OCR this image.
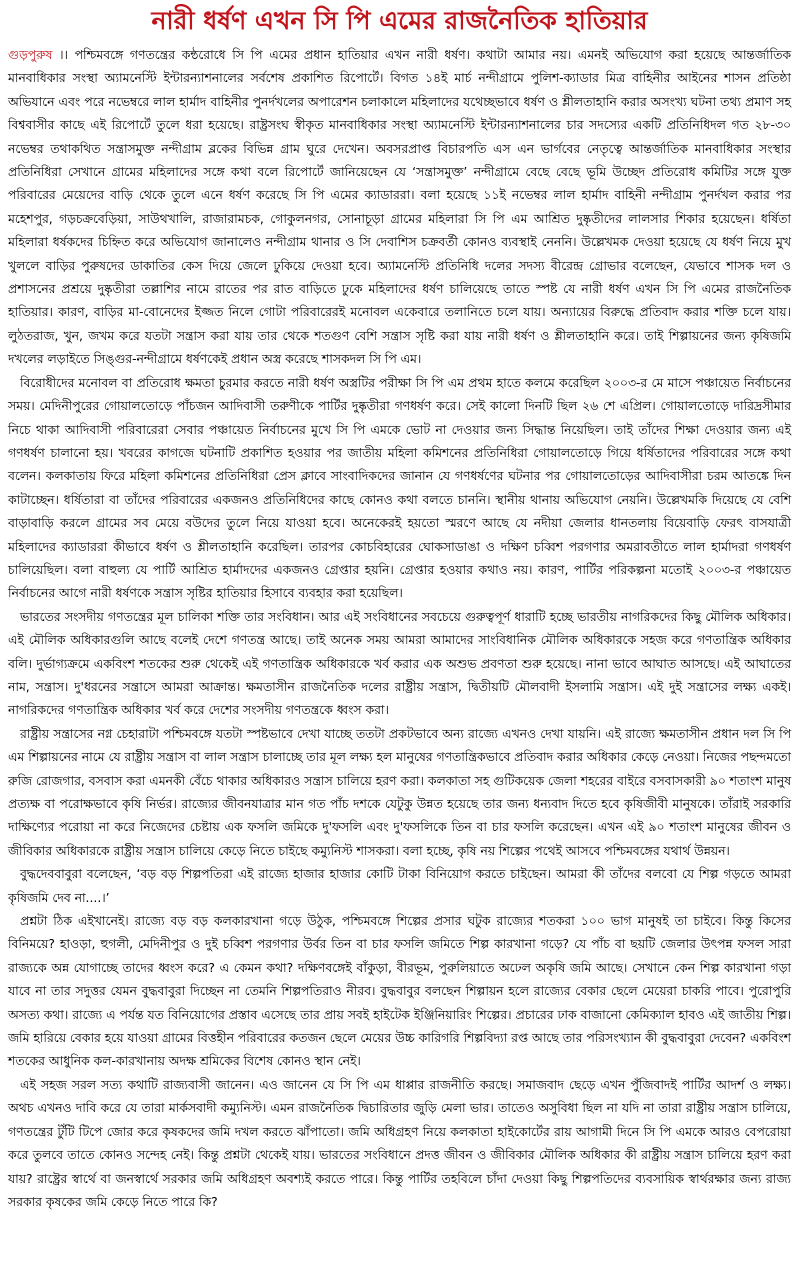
নারী ধর্ষণ এখন সি পি এমের রাজনৈতিক হাতিয়ার

গুড়পুরুষ ।। পশ্চিমবঙ্গে গণতন্ত্রের কন্ঠরোধে সি পি এমের প্রধান হাতিয়ার এখন নারী ধর্ষণ। কথাটা আমার নয়। এমনই অভিযোগ করা হয়েছে আন্তর্জাতিক মানবাধিকার সংস্থা অ্যামনেস্টি ইন্টারন্যাশনালের সর্বশেষ প্রকাশিত রিপোর্টে। বিগত ১৪ই মার্চ নন্দীগ্রামে পুলিশ-ক্যাডার মিত্র বাহিনীর আইনের শাসন প্রতিষ্ঠা অভিযানে এবং পরে নভেম্বরে লাল হার্মাদ বাহিনীর পুনর্দখলের অপারেশন চলাকালে মহিলাদের যথেচ্ছভাবে ধর্ষণ ও শ্লীলতাহানি করার অসংখ্য ঘটনা তথ্য প্রমাণ সহ বিশ্ববাসীর কাছে এই রিপোর্টে তুলে ধরা হয়েছে। রাষ্ট্রসংঘ স্বীকৃত মানবাধিকার সংস্থা অ্যামনেস্টি ইন্টারন্যাশনালের চার সদস্যের একটি প্রতিনিধিদল গত ২৮-৩০ নভেম্বর তথাকথিত সন্ত্রাসমুক্ত নন্দীগ্রাম ব্লকের বিভিন্ন গ্রাম ঘুরে দেখেন। অবসরপ্রাপ্ত বিচারপতি এস এন ভার্গবের নেতৃত্বে আন্তর্জাতিক মানবাধিকার সংস্থার প্রতিনিধিরা সেখানে গ্রামের মহিলাদের সঙ্গে কথা বলে রিপোর্টে জানিয়েছেন যে ‘সন্ত্রাসমুক্ত’ নন্দীগ্রামে বেছে বেছে ভূমি উচ্ছেদ প্রতিরোধ কমিটির সঙ্গে যুক্ত পরিবারের মেয়েদের বাড়ি থেকে তুলে এনে ধর্ষণ করেছে সি পি এমের ক্যাডাররা। বলা হয়েছে ১১ই নভেম্বর লাল হার্মাদ বাহিনী নন্দীগ্রাম পুনর্দখল করার পর মহেশপুর, গড়চক্রবেড়িয়া, সাউথখালি, রাজারামচক, গোকুলনগর, সোনাচূড়া গ্রামের মহিলারা সি পি এম আশ্রিত দুষ্কৃতীদের লালসার শিকার হয়েছেন। ধর্ষিতা মহিলারা ধর্ষকদের চিহ্নিত করে অভিযোগ জানালেও নন্দীগ্রাম থানার ও সি দেবাশিস চক্রবর্তী কোনও ব্যবস্থাই নেননি। উল্লেখমক দেওয়া হয়েছে যে ধর্ষণ নিয়ে মুখ খুললে বাড়ির পুরুষদের ডাকাতির কেস দিয়ে জেলে ঢুকিয়ে দেওয়া হবে। অ্যামনেস্টি প্রতিনিধি দলের সদস্য বীরেন্দ্র গ্রোভার বলেছেন, যেভাবে শাসক দল ও প্রশাসনের প্রশ্রয়ে দুষ্কৃতীরা তল্লাশির নামে রাতের পর রাত বাড়িতে ঢুকে মহিলাদের ধর্ষণ চালিয়েছে তাতে স্পষ্ট যে নারী ধর্ষণ এখন সি পি এমের রাজনৈতিক হাতিয়ার। কারণ, বাড়ির মা-বোনেদের ইজ্জত নিলে গোটা পরিবারেরই মনোবল একেবারে তলানিতে চলে যায়। অন্যায়ের বিরুদ্ধে প্রতিবাদ করার শক্তি চলে যায়। লুঠতরাজ, খুন, জখম করে যতটা সন্ত্রাস করা যায় তার থেকে শতগুণ বেশি সন্ত্রাস সৃষ্টি করা যায় নারী ধর্ষণ ও শ্লীলতাহানি করে। তাই শিল্পায়নের জন্য কৃষিজমি দখলের লড়াইতে সিঙ্গুর-নন্দীগ্রামে ধর্ষণকেই প্রধান অস্ত্র করেছে শাসকদল সি পি এম।

বিরোধীদের মনোবল বা প্রতিরোধ ক্ষমতা চুরমার করতে নারী ধর্ষণ অস্ত্রটির পরীক্ষা সি পি এম প্রথম হাতে কলমে করেছিল ২০০৩-র মে মাসে পঞ্চায়েত নির্বাচনের সময়। মেদিনীপুরের গোয়ালতোড়ে পাঁচজন আদিবাসী তরুণীকে পার্টির দুষ্কৃতীরা গণধর্ষণ করে। সেই কালো দিনটি ছিল ২৬ শে এপ্রিল। গোয়ালতোড়ে দারিদ্রসীমার নিচে থাকা আদিবাসী পরিবারেরা সেবার পঞ্চায়েত নির্বাচনের মুখে সি পি এমকে ভোট না দেওয়ার জন্য সিদ্ধান্ত নিয়েছিল। তাই তাঁদের শিক্ষা দেওয়ার জন্য এই গণধর্ষণ চালানো হয়। খবরের কাগজে ঘটনাটি প্রকাশিত হওয়ার পর জাতীয় মহিলা কমিশনের প্রতিনিধিরা গোয়ালতোড়ে গিয়ে ধর্ষিতাদের পরিবারের সঙ্গে কথা বলেন। কলকাতায় ফিরে মহিলা কমিশনের প্রতিনিধিরা প্রেস ক্লাবে সাংবাদিকদের জানান যে গণধর্ষণের ঘটনার পর গোয়ালতোড়ের আদিবাসীরা চরম আতঙ্কে দিন কাটাচ্ছেন। ধর্ষিতারা বা তাঁদের পরিবারের একজনও প্রতিনিধিদের কাছে কোনও কথা বলতে চাননি। স্থানীয় থানায় অভিযোগ নেয়নি। উল্লেখমকি দিয়েছে যে বেশি বাড়াবাড়ি করলে গ্রামের সব মেয়ে বউদের তুলে নিয়ে যাওয়া হবে। অনেকেরই হয়তো স্মরণে আছে যে নদীয়া জেলার ধানতলায় বিয়েবাড়ি ফেরৎ বাসযাত্রী মহিলাদের ক্যাডাররা কীভাবে ধর্ষণ ও শ্লীলতাহানি করেছিল। তারপর কোচবিহারের ঘোকসাডাঙা ও দক্ষিণ চব্বিশ পরগণার অমরাবতীতে লাল হার্মাদরা গণধর্ষণ চালিয়েছিল। বলা বাহুল্য যে পার্টি আশ্রিত হার্মাদদের একজনও গ্রেপ্তার হয়নি। গ্রেপ্তার হওয়ার কথাও নয়। কারণ, পার্টির পরিকল্পনা মতোই ২০০৩-র পঞ্চায়েত নির্বাচনের আগে নারী ধর্ষণকে সন্ত্রাস সৃষ্টির হাতিয়ার হিসাবে ব্যবহার করা হয়েছিল।

ভারতের সংসদীয় গণতন্ত্রের মূল চালিকা শক্তি তার সংবিধান। আর এই সংবিধানের সবচেয়ে গুরুত্বপূর্ণ ধারাটি হচ্ছে ভারতীয় নাগরিকদের কিছু মৌলিক অধিকার। এই মৌলিক অধিকারগুলি আছে বলেই দেশে গণতন্ত্র আছে। তাই অনেক সময় আমরা আমাদের সাংবিধানিক মৌলিক অধিকারকে সহজ করে গণতান্ত্রিক অধিকার বলি। দুর্ভাগ্যক্রমে একবিংশ শতকের শুরু থেকেই এই গণতান্ত্রিক অধিকারকে খর্ব করার এক অশুভ প্রবণতা শুরু হয়েছে। নানা ভাবে আঘাত আসছে। এই আঘাতের নাম, সন্ত্রাস। দু'ধরনের সন্ত্রাসে আমরা আক্রান্ত। ক্ষমতাসীন রাজনৈতিক দলের রাষ্ট্রীয় সন্ত্রাস, দ্বিতীয়টি মৌলবাদী ইসলামি সন্ত্রাস। এই দুই সন্ত্রাসের লক্ষ্য একই। নাগরিকদের গণতান্ত্রিক অধিকার খর্ব করে দেশের সংসদীয় গণতন্ত্রকে ধ্বংস করা।

রাষ্ট্রীয় সন্ত্রাসের নগ্ন চেহারাটা পশ্চিমবঙ্গে যতটা স্পষ্টভাবে দেখা যাচ্ছে ততটা প্রকটভাবে অন্য রাজ্যে এখনও দেখা যায়নি। এই রাজ্যে ক্ষমতাসীন প্রধান দল সি পি এম শিল্পায়নের নামে যে রাষ্ট্রীয় সন্ত্রাস বা লাল সন্ত্রাস চালাচ্ছে তার মূল লক্ষ্য হল মানুষের গণতান্ত্রিকভাবে প্রতিবাদ করার অধিকার কেড়ে নেওয়া। নিজের পছন্দমতো রুজি রোজগার, বসবাস করা এমনকী বেঁচে থাকার অধিকারও সন্ত্রাস চালিয়ে হরণ করা। কলকাতা সহ গুটিকয়েক জেলা শহরের বাইরে বসবাসকারী ৯০ শতাংশ মানুষ প্রত্যক্ষ বা পরোক্ষভাবে কৃষি নির্ভর। রাজ্যের জীবনযাত্রার মান গত পাঁচ দশকে যেটুকু উন্নত হয়েছে তার জন্য ধন্যবাদ দিতে হবে কৃষিজীবী মানুষকে। তাঁরাই সরকারি দাক্ষিণ্যের পরোয়া না করে নিজেদের চেষ্টায় এক ফসলি জমিকে দু'ফসলি এবং দু'ফসলিকে তিন বা চার ফসলি করেছেন। এখন এই ৯০ শতাংশ মানুষের জীবন ও জীবিকার অধিকারকে রাষ্ট্রীয় সন্ত্রাস চালিয়ে কেড়ে নিতে চাইছে কম্যুনিস্ট শাসকরা। বলা হচ্ছে, কৃষি নয় শিল্পের পথেই আসবে পশ্চিমবঙ্গের যথার্থ উন্নয়ন।

বুদ্ধদেববাবুরা বলেছেন, ‘বড় বড় শিল্পপতিরা এই রাজ্যে হাজার হাজার কোটি টাকা বিনিয়োগ করতে চাইছেন। আমরা কী তাঁদের বলবো যে শিল্প গড়তে আমরা কৃষিজমি দেব না....।’

প্রশ্নটা ঠিক এইখানেই। রাজ্যে বড় বড় কলকারখানা গড়ে উঠুক, পশ্চিমবঙ্গে শিল্পের প্রসার ঘটুক রাজ্যের শতকরা ১০০ ভাগ মানুষই তা চাইবে। কিন্তু কিসের বিনিময়ে? হাওড়া, হুগলী, মেদিনীপুর ও দুই চব্বিশ পরগণার উর্বর তিন বা চার ফসলি জমিতে শিল্প কারখানা গড়ে? যে পাঁচ বা ছয়টি জেলার উৎপন্ন ফসল সারা রাজ্যকে অন্ন যোগাচ্ছে তাদের ধ্বংস করে? এ কেমন কথা? দক্ষিণবঙ্গেই বাঁকুড়া, বীরভূম, পুরুলিয়াতে অঢেল অকৃষি জমি আছে। সেখানে কেন শিল্প কারখানা গড়া যাবে না তার সদুত্তর যেমন বুদ্ধবাবুরা দিচ্ছেন না তেমনি শিল্পপতিরাও নীরব। বুদ্ধবাবুর বলছেন শিল্পায়ন হলে রাজ্যের বেকার ছেলে মেয়েরা চাকরি পাবে। পুরোপুরি অসত্য কথা। রাজ্যে এ পর্যন্ত যত বিনিয়োগের প্রস্তাব এসেছে তার প্রায় সবই হাইটেক ইঞ্জিনিয়ারিং শিল্পের। প্রচারের ঢাক বাজানো কেমিক্যাল হাবও এই জাতীয় শিল্প। জমি হারিয়ে বেকার হয়ে যাওয়া গ্রামের বিত্তহীন পরিবারের কতজন ছেলে মেয়ের উচ্চ কারিগরি শিল্পবিদ্যা রপ্ত আছে তার পরিসংখ্যান কী বুদ্ধবাবুরা দেবেন? একবিংশ শতকের আধুনিক কল-কারখানায় অদক্ষ শ্রমিকের বিশেষ কোনও স্থান নেই।

এই সহজ সরল সত্য কথাটি রাজ্যবাসী জানেন। এও জানেন যে সি পি এম ধাপ্পার রাজনীতি করছে। সমাজবাদ ছেড়ে এখন পুঁজিবাদই পার্টির আদর্শ ও লক্ষ্য। অথচ এখনও দাবি করে যে তারা মার্কসবাদী কম্যুনিস্ট। এমন রাজনৈতিক দ্বিচারিতার জুড়ি মেলা ভার। তাতেও অসুবিধা ছিল না যদি না তারা রাষ্ট্রীয় সন্ত্রাস চালিয়ে, গণতন্ত্রের টুঁটি টিপে জোর করে কৃষকদের জমি দখল করতে ঝাঁপাতো। জমি অধিগ্রহণ নিয়ে কলকাতা হাইকোর্টের রায় আগামী দিনে সি পি এমকে আরও বেপরোয়া করে তুলবে তাতে কোনও সন্দেহ নেই। কিন্তু প্রশ্নটা থেকেই যায়। ভারতের সংবিধানে প্রদত্ত জীবন ও জীবিকার মৌলিক অধিকার কী রাষ্ট্রীয় সন্ত্রাস চালিয়ে হরণ করা যায়? রাষ্ট্রের স্বার্থে বা জনস্বার্থে সরকার জমি অধিগ্রহণ অবশ্যই করতে পারে। কিন্তু পার্টির তহবিলে চাঁদা দেওয়া কিছু শিল্পপতিদের ব্যবসায়িক স্বার্থরক্ষার জন্য রাজ্য সরকার কৃষকের জমি কেড়ে নিতে পারে কি?
